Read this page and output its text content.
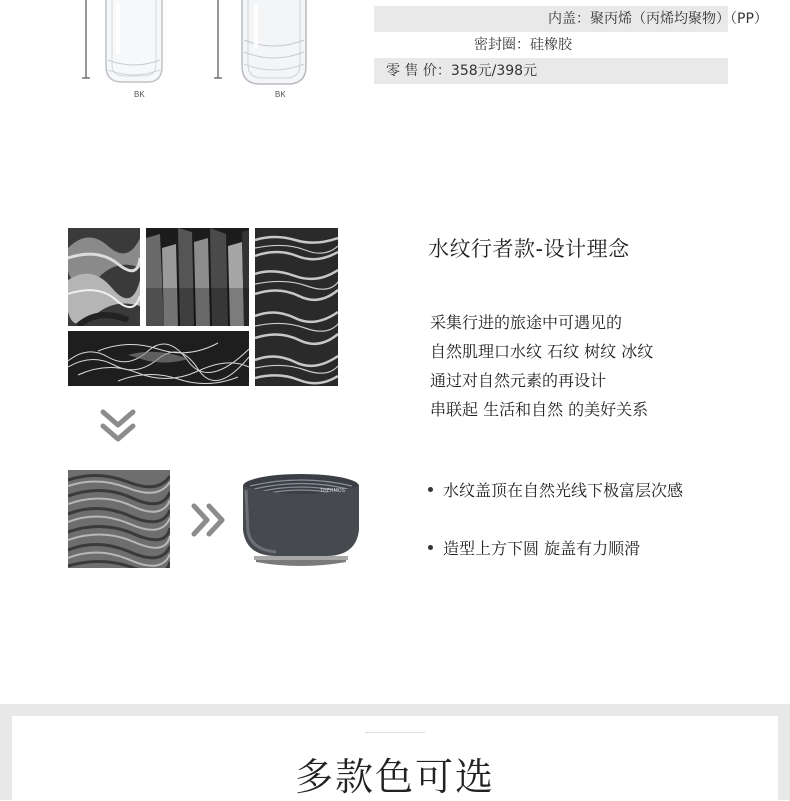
BK	BK
内盖：聚丙烯（丙烯均聚物）（PP）
密封圈：硅橡胶
零 售 价：358元/398元
THERMOS
水纹行者款-设计理念
采集行进的旅途中可遇见的
自然肌理口水纹 石纹 树纹 冰纹
通过对自然元素的再设计
串联起 生活和自然 的美好关系
水纹盖顶在自然光线下极富层次感
造型上方下圆 旋盖有力顺滑
多款色可选
